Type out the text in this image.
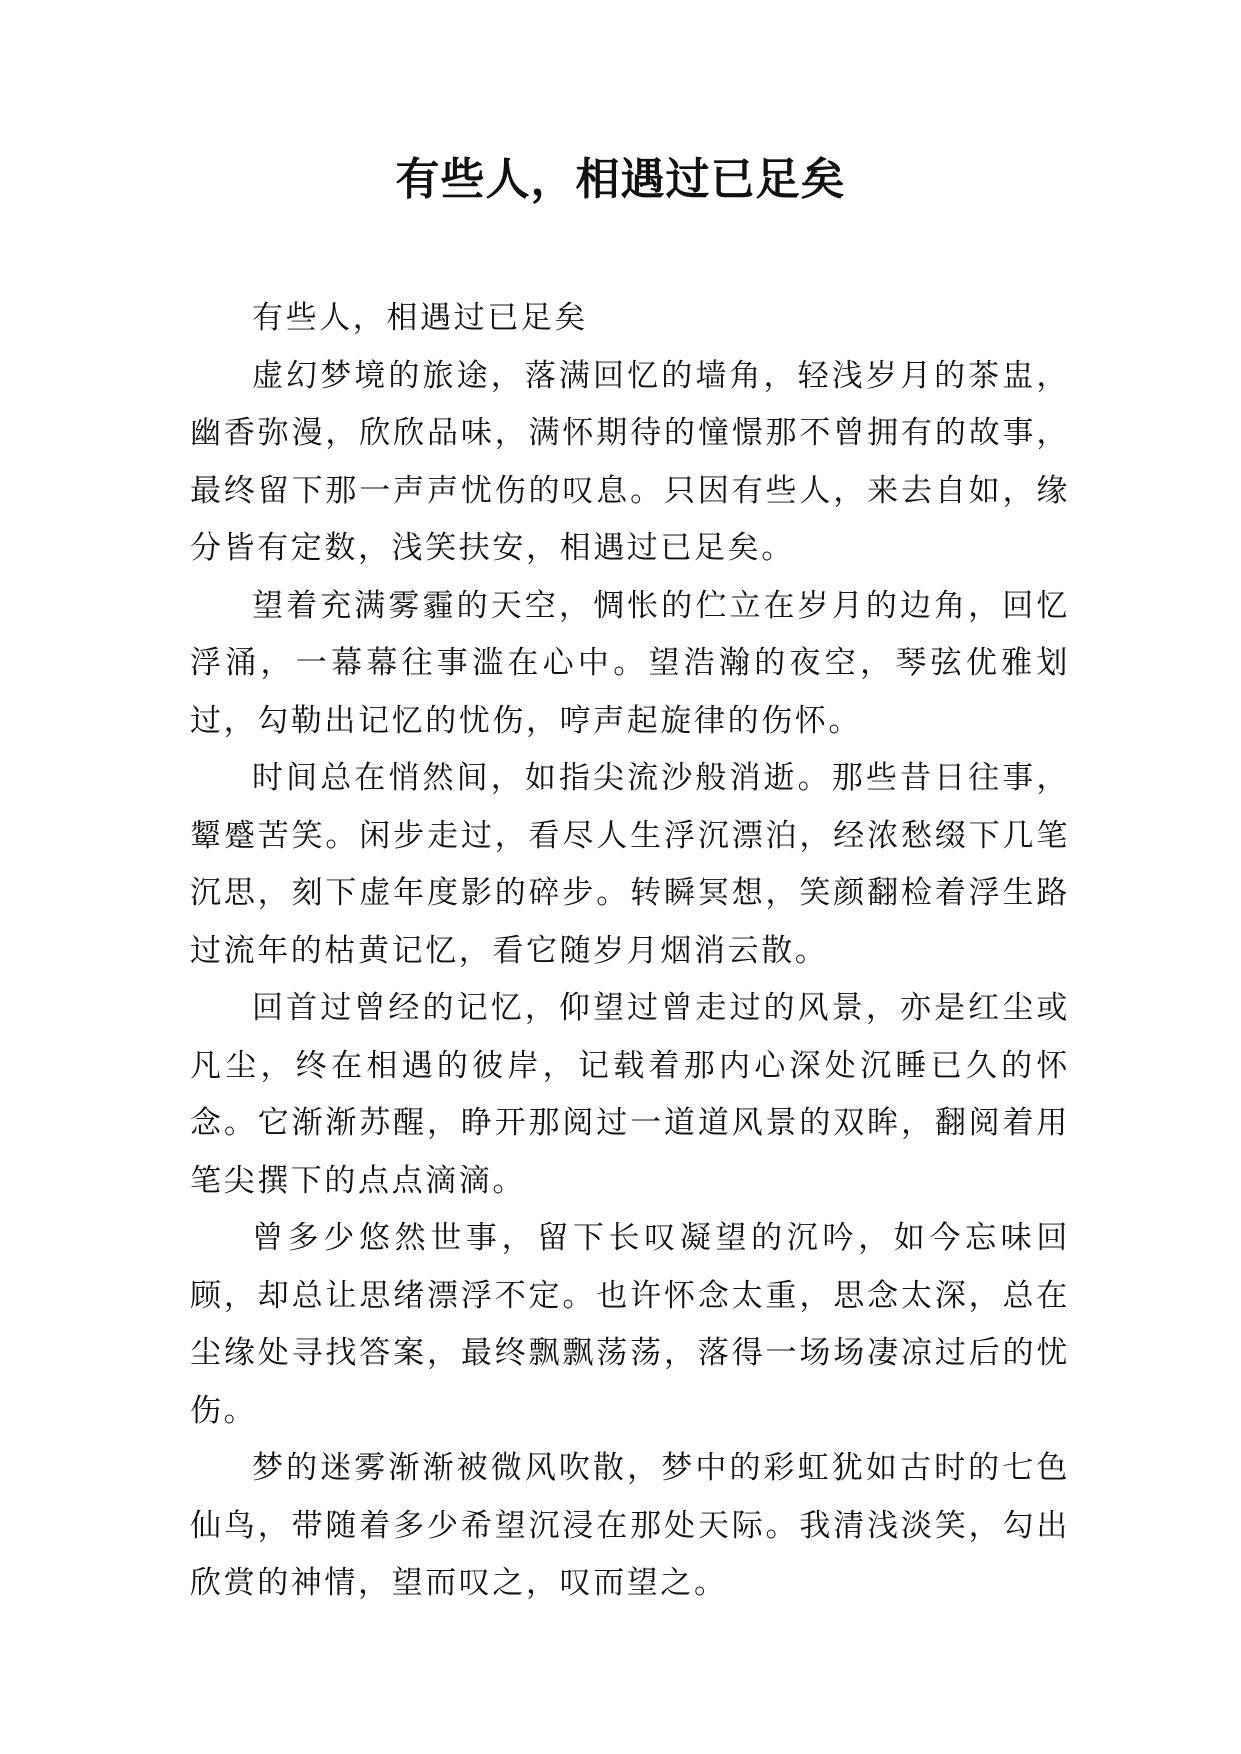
有些人，相遇过已足矣

有些人，相遇过已足矣

虚幻梦境的旅途，落满回忆的墙角，轻浅岁月的茶盅，幽香弥漫，欣欣品味，满怀期待的憧憬那不曾拥有的故事，最终留下那一声声忧伤的叹息。只因有些人，来去自如，缘分皆有定数，浅笑扶安，相遇过已足矣。

望着充满雾霾的天空，惆怅的伫立在岁月的边角，回忆浮涌，一幕幕往事滥在心中。望浩瀚的夜空，琴弦优雅划过，勾勒出记忆的忧伤，哼声起旋律的伤怀。

时间总在悄然间，如指尖流沙般消逝。那些昔日往事，颦蹙苦笑。闲步走过，看尽人生浮沉漂泊，经浓愁缀下几笔沉思，刻下虚年度影的碎步。转瞬冥想，笑颜翻检着浮生路过流年的枯黄记忆，看它随岁月烟消云散。

回首过曾经的记忆，仰望过曾走过的风景，亦是红尘或凡尘，终在相遇的彼岸，记载着那内心深处沉睡已久的怀念。它渐渐苏醒，睁开那阅过一道道风景的双眸，翻阅着用笔尖撰下的点点滴滴。

曾多少悠然世事，留下长叹凝望的沉吟，如今忘味回顾，却总让思绪漂浮不定。也许怀念太重，思念太深，总在尘缘处寻找答案，最终飘飘荡荡，落得一场场凄凉过后的忧伤。

梦的迷雾渐渐被微风吹散，梦中的彩虹犹如古时的七色仙鸟，带随着多少希望沉浸在那处天际。我清浅淡笑，勾出欣赏的神情，望而叹之，叹而望之。
